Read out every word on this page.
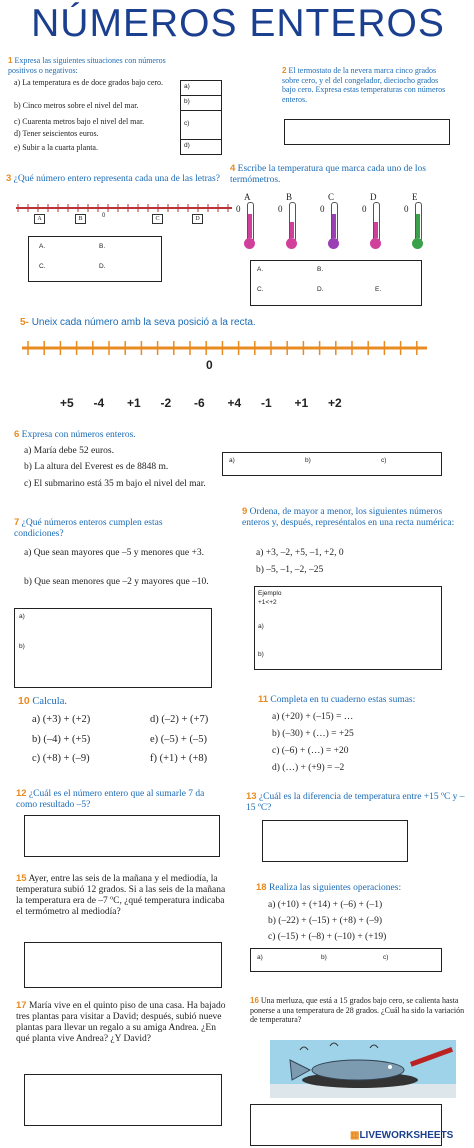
NÚMEROS ENTEROS
1 Expresa las siguientes situaciones con números positivos o negativos:
a) La temperatura es de doce grados bajo cero.
b) Cinco metros sobre el nivel del mar.
c) Cuarenta metros bajo el nivel del mar.
d) Tener seiscientos euros.
e) Subir a la cuarta planta.
a)
b)
c)
d)
2 El termostato de la nevera marca cinco grados sobre cero, y el del congelador, dieciocho grados bajo cero. Expresa estas temperaturas con números enteros.
3 ¿Qué número entero representa cada una de las letras?
A	B	0	C	D
A.	B.
C.	D.
4 Escribe la temperatura que marca cada uno de los termómetros.
A
0
B
0
C
0
D
0
E
0
A.	B.
C.	D.	E.
5- Uneix cada número amb la seva posició a la recta.
0
+5 -4 +1 -2 -6 +4 -1 +1 +2
6 Expresa con números enteros.
a) María debe 52 euros.
b) La altura del Everest es de 8848 m.
c) El submarino está 35 m bajo el nivel del mar.
a)	b)	c)
7 ¿Qué números enteros cumplen estas condiciones?
a) Que sean mayores que –5 y menores que +3.
b) Que sean menores que –2 y mayores que –10.
a)
b)
9 Ordena, de mayor a menor, los siguientes números enteros y, después, represéntalos en una recta numérica:
a) +3, –2, +5, –1, +2, 0
b) –5, –1, –2, –25
Ejemplo
+1<+2
a)
b)
10 Calcula.
a) (+3) + (+2)	d) (–2) + (+7)
b) (–4) + (+5)	e) (–5) + (–5)
c) (+8) + (–9)	f) (+1) + (+8)
11 Completa en tu cuaderno estas sumas:
a) (+20) + (–15) = …
b) (–30) + (…) = +25
c) (–6) + (…) = +20
d) (…) + (+9) = –2
12 ¿Cuál es el número entero que al sumarle 7 da como resultado –5?
13 ¿Cuál es la diferencia de temperatura entre +15 ºC y –15 ºC?
15 Ayer, entre las seis de la mañana y el mediodía, la temperatura subió 12 grados. Si a las seis de la mañana la temperatura era de –7 ºC, ¿qué temperatura indicaba el termómetro al mediodía?
18 Realiza las siguientes operaciones:
a) (+10) + (+14) + (–6) + (–1)
b) (–22) + (–15) + (+8) + (–9)
c) (–15) + (–8) + (–10) + (+19)
a)	b)	c)
16 Una merluza, que está a 15 grados bajo cero, se calienta hasta ponerse a una temperatura de 28 grados. ¿Cuál ha sido la variación de temperatura?
17 María vive en el quinto piso de una casa. Ha bajado tres plantas para visitar a David; después, subió nueve plantas para llevar un regalo a su amiga Andrea. ¿En qué planta vive Andrea? ¿Y David?
▦LIVEWORKSHEETS
